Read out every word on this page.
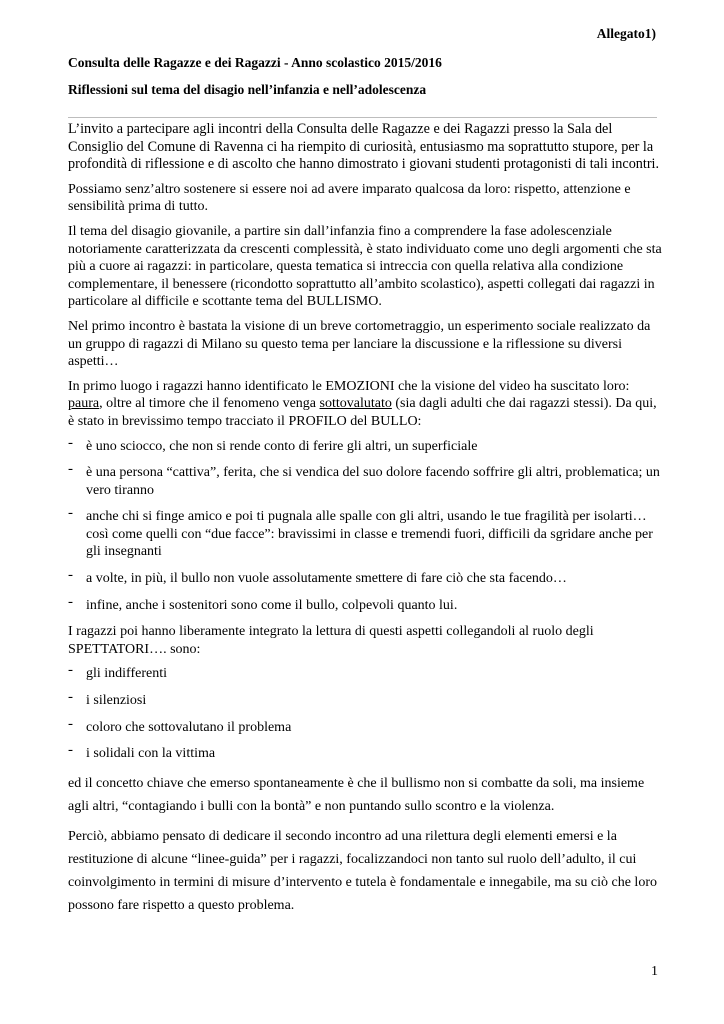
Allegato1)
Consulta delle Ragazze e dei Ragazzi - Anno scolastico 2015/2016
Riflessioni sul tema del disagio nell’infanzia e nell’adolescenza

L’invito a partecipare agli incontri della Consulta delle Ragazze e dei Ragazzi presso la Sala del Consiglio del Comune di Ravenna ci ha riempito di curiosità, entusiasmo ma soprattutto stupore, per la profondità di riflessione e di ascolto che hanno dimostrato i giovani studenti protagonisti di tali incontri.

Possiamo senz’altro sostenere si essere noi ad avere imparato qualcosa da loro: rispetto, attenzione e sensibilità prima di tutto.

Il tema del disagio giovanile, a partire sin dall’infanzia fino a comprendere la fase adolescenziale notoriamente caratterizzata da crescenti complessità, è stato individuato come uno degli argomenti che sta più a cuore ai ragazzi: in particolare, questa tematica si intreccia con quella relativa alla condizione complementare, il benessere (ricondotto soprattutto all’ambito scolastico), aspetti collegati dai ragazzi in particolare al difficile e scottante tema del BULLISMO.

Nel primo incontro è bastata la visione di un breve cortometraggio, un esperimento sociale realizzato da un gruppo di ragazzi di Milano su questo tema per lanciare la discussione e la riflessione su diversi aspetti…

In primo luogo i ragazzi hanno identificato le EMOZIONI che la visione del video ha suscitato loro: paura, oltre al timore che il fenomeno venga sottovalutato (sia dagli adulti che dai ragazzi stessi). Da qui, è stato in brevissimo tempo tracciato il PROFILO del BULLO:

- è uno sciocco, che non si rende conto di ferire gli altri, un superficiale
- è una persona “cattiva”, ferita, che si vendica del suo dolore facendo soffrire gli altri, problematica; un vero tiranno
- anche chi si finge amico e poi ti pugnala alle spalle con gli altri, usando le tue fragilità per isolarti… così come quelli con “due facce”: bravissimi in classe e tremendi fuori, difficili da sgridare anche per gli insegnanti
- a volte, in più, il bullo non vuole assolutamente smettere di fare ciò che sta facendo…
- infine, anche i sostenitori sono come il bullo, colpevoli quanto lui.

I ragazzi poi hanno liberamente integrato la lettura di questi aspetti collegandoli al ruolo degli SPETTATORI…. sono:

- gli indifferenti
- i silenziosi
- coloro che sottovalutano il problema
- i solidali con la vittima

ed il concetto chiave che emerso spontaneamente è che il bullismo non si combatte da soli, ma insieme agli altri, “contagiando i bulli con la bontà” e non puntando sullo scontro e la violenza.

Perciò, abbiamo pensato di dedicare il secondo incontro ad una rilettura degli elementi emersi e la restituzione di alcune “linee-guida” per i ragazzi, focalizzandoci non tanto sul ruolo dell’adulto, il cui coinvolgimento in termini di misure d’intervento e tutela è fondamentale e innegabile, ma su ciò che loro possono fare rispetto a questo problema.

1
